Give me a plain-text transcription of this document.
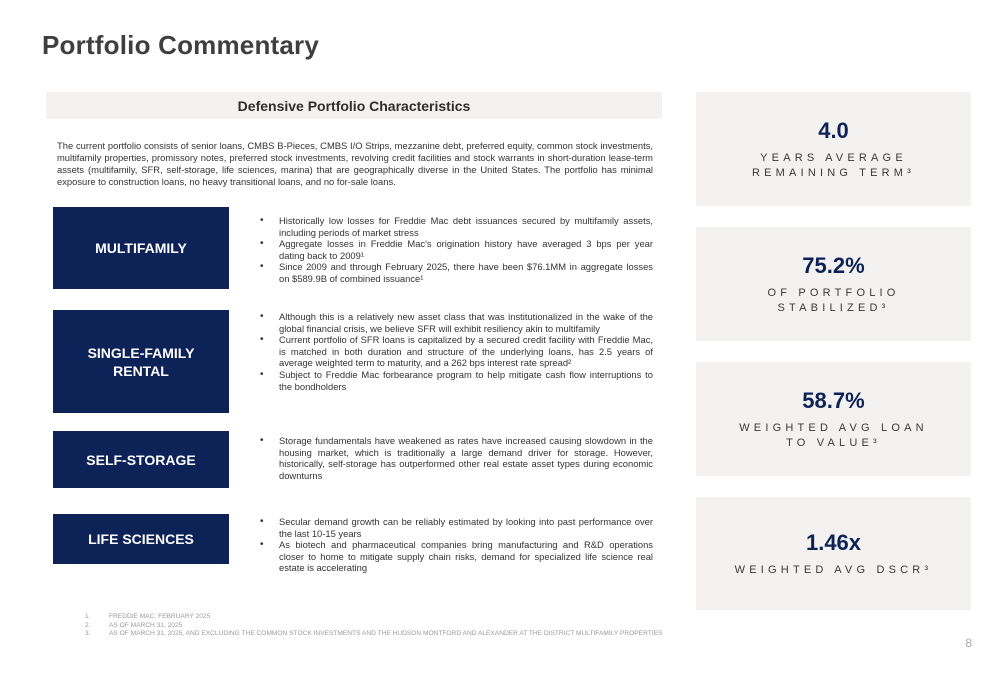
Portfolio Commentary
Defensive Portfolio Characteristics

The current portfolio consists of senior loans, CMBS B-Pieces, CMBS I/O Strips, mezzanine debt, preferred equity, common stock investments, multifamily properties, promissory notes, preferred stock investments, revolving credit facilities and stock warrants in short-duration lease-term assets (multifamily, SFR, self-storage, life sciences, marina) that are geographically diverse in the United States. The portfolio has minimal exposure to construction loans, no heavy transitional loans, and no for-sale loans.

MULTIFAMILY
• Historically low losses for Freddie Mac debt issuances secured by multifamily assets, including periods of market stress
• Aggregate losses in Freddie Mac's origination history have averaged 3 bps per year dating back to 2009¹
• Since 2009 and through February 2025, there have been $76.1MM in aggregate losses on $589.9B of combined issuance¹
SINGLE-FAMILY RENTAL
• Although this is a relatively new asset class that was institutionalized in the wake of the global financial crisis, we believe SFR will exhibit resiliency akin to multifamily
• Current portfolio of SFR loans is capitalized by a secured credit facility with Freddie Mac, is matched in both duration and structure of the underlying loans, has 2.5 years of average weighted term to maturity, and a 262 bps interest rate spread²
• Subject to Freddie Mac forbearance program to help mitigate cash flow interruptions to the bondholders
SELF-STORAGE
• Storage fundamentals have weakened as rates have increased causing slowdown in the housing market, which is traditionally a large demand driver for storage. However, historically, self-storage has outperformed other real estate asset types during economic downturns
LIFE SCIENCES
• Secular demand growth can be reliably estimated by looking into past performance over the last 10-15 years
• As biotech and pharmaceutical companies bring manufacturing and R&D operations closer to home to mitigate supply chain risks, demand for specialized life science real estate is accelerating
4.0
YEARS AVERAGE
REMAINING TERM³
75.2%
OF PORTFOLIO
STABILIZED³
58.7%
WEIGHTED AVG LOAN
TO VALUE³
1.46x
WEIGHTED AVG DSCR³
1.	FREDDIE MAC; FEBRUARY 2025
2.	AS OF MARCH 31, 2025
3.	AS OF MARCH 31, 2025, AND EXCLUDING THE COMMON STOCK INVESTMENTS AND THE HUDSON MONTFORD AND ALEXANDER AT THE DISTRICT MULTIFAMILY PROPERTIES
8
